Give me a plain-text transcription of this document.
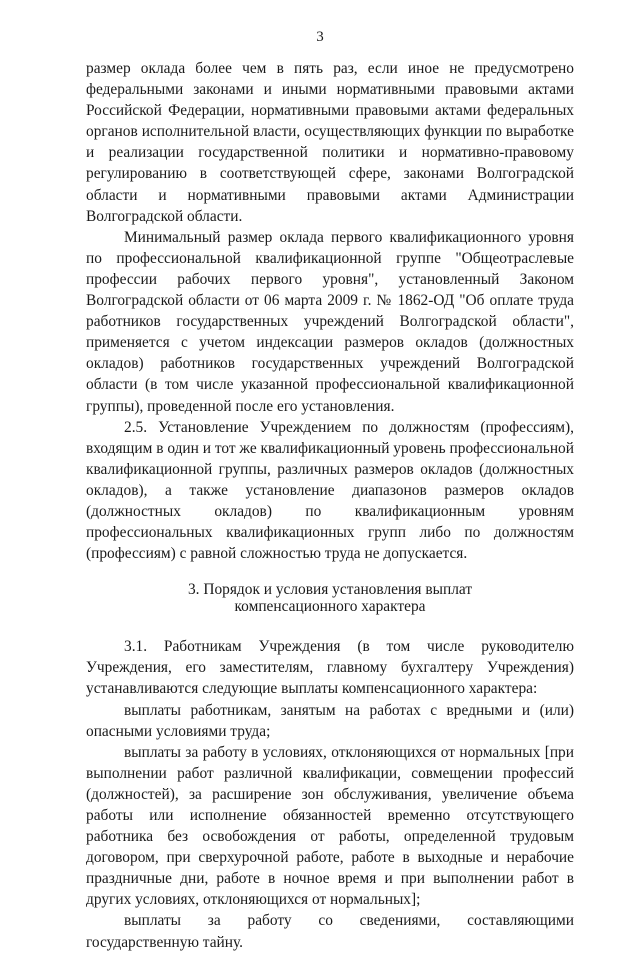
3

размер оклада более чем в пять раз, если иное не предусмотрено федеральными законами и иными нормативными правовыми актами Российской Федерации, нормативными правовыми актами федеральных органов исполнительной власти, осуществляющих функции по выработке и реализации государственной политики и нормативно-правовому регулированию в соответствующей сфере, законами Волгоградской области и нормативными правовыми актами Администрации Волгоградской области.

Минимальный размер оклада первого квалификационного уровня по профессиональной квалификационной группе "Общеотраслевые профессии рабочих первого уровня", установленный Законом Волгоградской области от 06 марта 2009 г. № 1862-ОД "Об оплате труда работников государственных учреждений Волгоградской области", применяется с учетом индексации размеров окладов (должностных окладов) работников государственных учреждений Волгоградской области (в том числе указанной профессиональной квалификационной группы), проведенной после его установления.

2.5. Установление Учреждением по должностям (профессиям), входящим в один и тот же квалификационный уровень профессиональной квалификационной группы, различных размеров окладов (должностных окладов), а также установление диапазонов размеров окладов (должностных окладов) по квалификационным уровням профессиональных квалификационных групп либо по должностям (профессиям) с равной сложностью труда не допускается.

3. Порядок и условия установления выплат
компенсационного характера

3.1. Работникам Учреждения (в том числе руководителю Учреждения, его заместителям, главному бухгалтеру Учреждения) устанавливаются следующие выплаты компенсационного характера:

выплаты работникам, занятым на работах с вредными и (или) опасными условиями труда;

выплаты за работу в условиях, отклоняющихся от нормальных [при выполнении работ различной квалификации, совмещении профессий (должностей), за расширение зон обслуживания, увеличение объема работы или исполнение обязанностей временно отсутствующего работника без освобождения от работы, определенной трудовым договором, при сверхурочной работе, работе в выходные и нерабочие праздничные дни, работе в ночное время и при выполнении работ в других условиях, отклоняющихся от нормальных];

выплаты за работу со сведениями, составляющими государственную тайну.
